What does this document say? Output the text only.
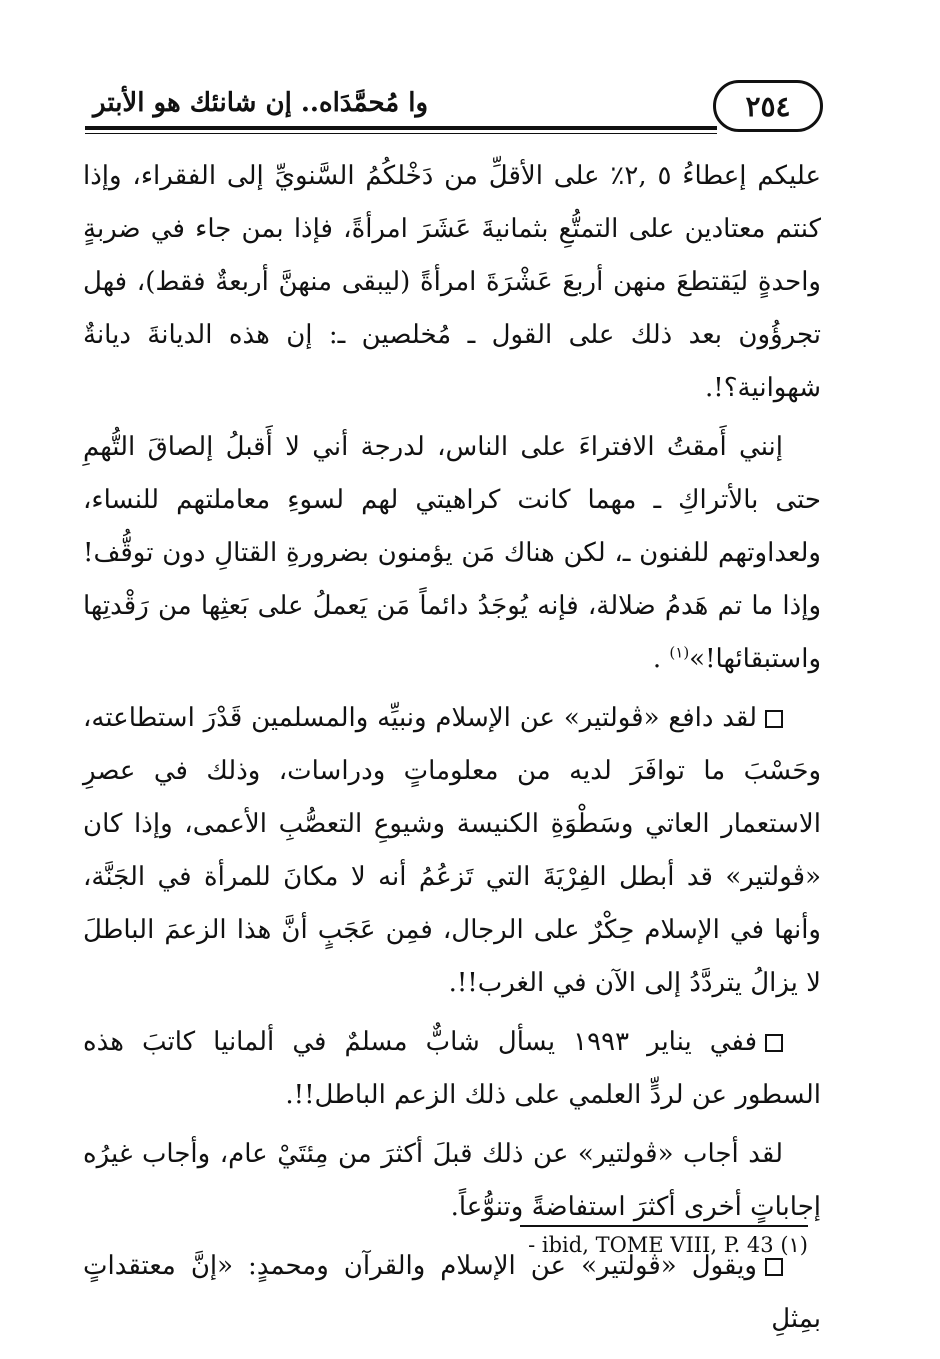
٢٥٤
وا مُحمَّدَاه.. إن شانئك هو الأبتر

عليكم إعطاءُ ٥ ,٢٪ على الأقلِّ من دَخْلكُمُ السَّنويِّ إلى الفقراء، وإذا كنتم معتادين على التمتُّعِ بثمانيةَ عَشَرَ امرأةً، فإذا بمن جاء في ضربةٍ واحدةٍ ليَقتطعَ منهن أربعَ عَشْرَةَ امرأةً (ليبقى منهنَّ أربعةٌ فقط)، فهل تجرؤُون بعد ذلك على القول ـ مُخلصين ـ: إن هذه الديانةَ ديانةٌ شهوانية؟!.

إنني أَمقتُ الافتراءَ على الناس، لدرجة أني لا أَقبلُ إلصاقَ التُّهمِ حتى بالأتراكِ ـ مهما كانت كراهيتي لهم لسوءِ معاملتهم للنساء، ولعداوتهم للفنون ـ، لكن هناك مَن يؤمنون بضرورةِ القتالِ دون توقُّف! وإذا ما تم هَدمُ ضلالة، فإنه يُوجَدُ دائماً مَن يَعملُ على بَعثِها من رَقْدتِها واستبقائها!»$^{(١)}$ .

لقد دافع «ڤولتير» عن الإسلام ونبيِّه والمسلمين قَدْرَ استطاعته، وحَسْبَ ما توافَرَ لديه من معلوماتٍ ودراسات، وذلك في عصرِ الاستعمار العاتي وسَطْوَةِ الكنيسة وشيوعِ التعصُّبِ الأعمى، وإذا كان «ڤولتير» قد أبطل الفِرْيَةَ التي تَزعُمُ أنه لا مكانَ للمرأة في الجَنَّة، وأنها في الإسلام حِكْرٌ على الرجال، فمِن عَجَبٍ أنَّ هذا الزعمَ الباطلَ لا يزالُ يتردَّدُ إلى الآن في الغرب!!.

ففي يناير ١٩٩٣ يسأل شابٌّ مسلمٌ في ألمانيا كاتبَ هذه السطور عن لردٍّ العلمي على ذلك الزعم الباطل!!.

لقد أجاب «ڤولتير» عن ذلك قبلَ أكثرَ من مِئتَيْ عام، وأجاب غيرُه إجاباتٍ أخرى أكثرَ استفاضةً وتنوُّعاً.

ويقول «ڤولتير» عن الإسلام والقرآن ومحمدٍ: «إنَّ معتقداتٍ بمِثلِ

- ibid, TOME VIII, P. 43 (١)
